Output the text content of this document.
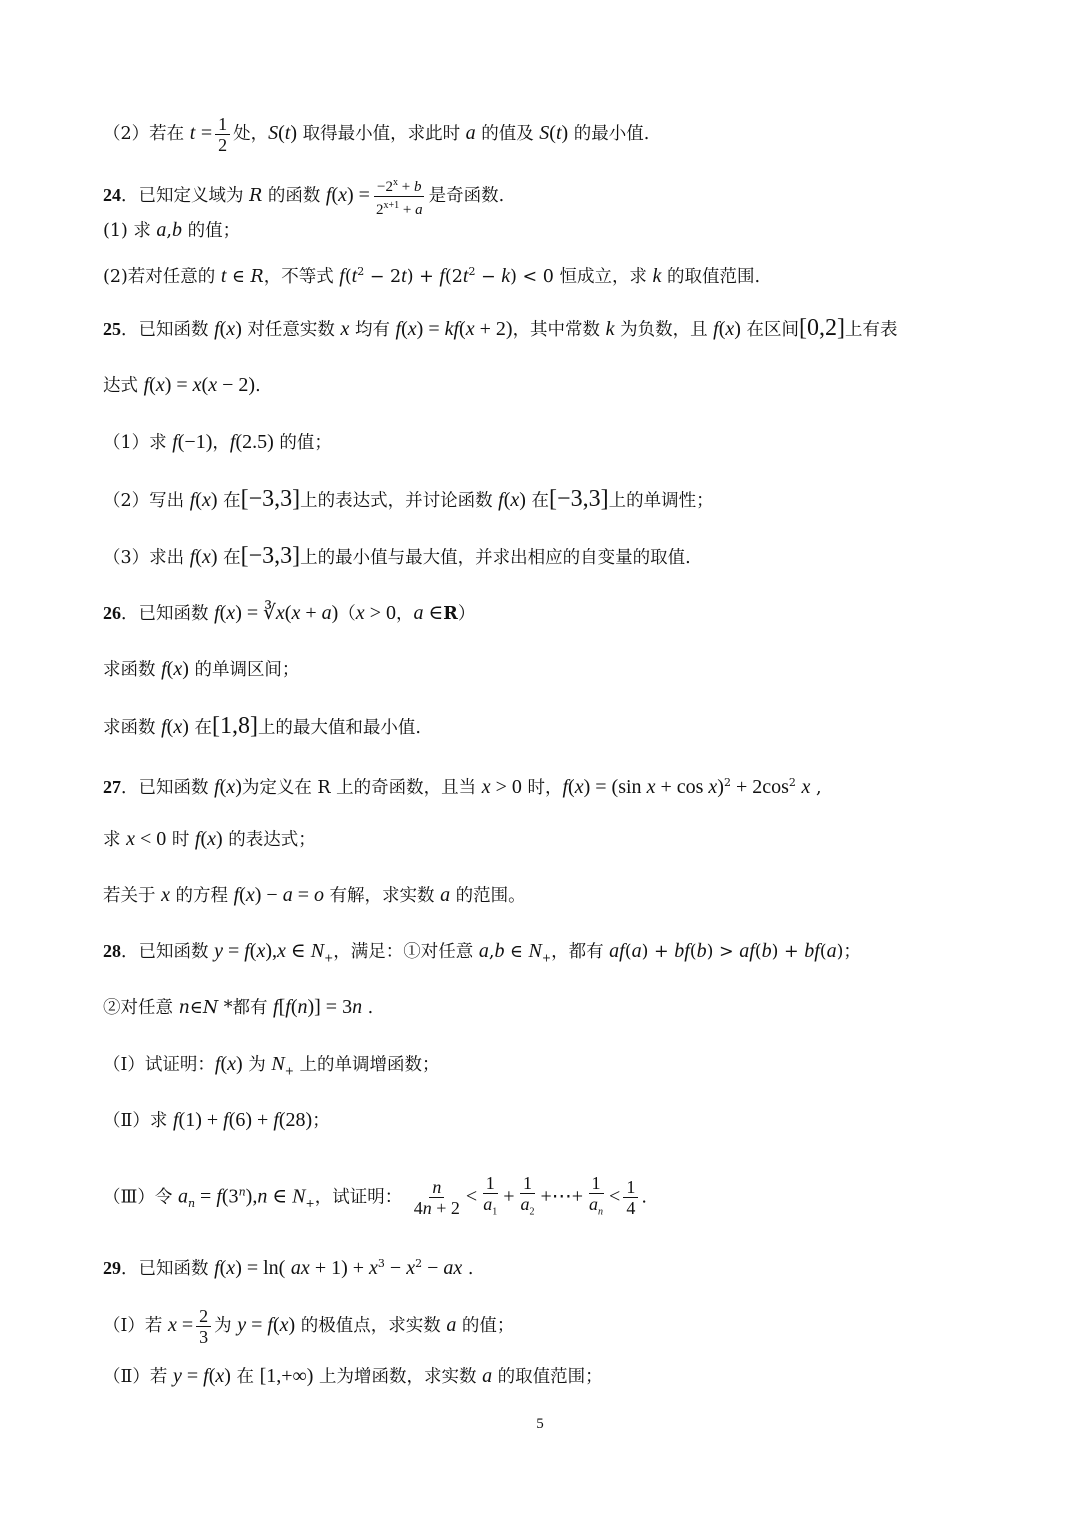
（2）若在 $t = \frac{1}{2}$ 处，S(t) 取得最小值，求此时 a 的值及 S(t) 的最小值.
24．已知定义域为 R 的函数 $f(x) = \frac{-2^x + b}{2^{x+1} + a}$ 是奇函数.
(1) 求 a,b 的值；
(2)若对任意的 t ∈ R，不等式 $f(t^2 - 2t) + f(2t^2 - k) < 0$ 恒成立，求 k 的取值范围.
25．已知函数 f(x) 对任意实数 x 均有 f(x) = kf(x + 2)，其中常数 k 为负数，且 f(x) 在区间[0,2]上有表
达式 f(x) = x(x − 2).
（1）求 f(−1)，f(2.5) 的值；
（2）写出 f(x) 在[−3,3]上的表达式，并讨论函数 f(x) 在[−3,3]上的单调性；
（3）求出 f(x) 在[−3,3]上的最小值与最大值，并求出相应的自变量的取值.
26．已知函数 f(x) = ∛x(x + a)（x > 0，a ∈R）
求函数 f(x) 的单调区间；
求函数 f(x) 在[1,8]上的最大值和最小值.
27．已知函数 f(x)为定义在 R 上的奇函数，且当 x > 0 时，f(x) = (sin $x + \cos x)^2 + 2\cos^2$ x ,
求 x < 0 时 f(x) 的表达式；
若关于 x 的方程 f(x) − a = o 有解，求实数 a 的范围。
28．已知函数 y = f(x),x ∈ $N_+$，满足：①对任意 a,b ∈ $N_+$，都有 af(a) + bf(b) > af(b) + bf(a)；
②对任意 n∈N *都有 f[f(n)] = 3n .
（Ⅰ）试证明：f(x) 为 $N_+$ 上的单调增函数；
（Ⅱ）求 f(1) + f(6) + f(28)；
（Ⅲ）令 $a_n = f(3^n),n$ ∈ $N_+$，试证明： $\frac{n}{4n + 2} < \frac{1}{a_1} + \frac{1}{a_2}$ +⋯+ $\frac{1}{a_n} < \frac{1}{4}$ .
29．已知函数 f(x) = ln( ax + $1) + x^3 - x^2$ − ax .
（Ⅰ）若 $x = \frac{2}{3}$ 为 y = f(x) 的极值点，求实数 a 的值；
（Ⅱ）若 y = f(x) 在 [1,+∞) 上为增函数，求实数 a 的取值范围；
5
